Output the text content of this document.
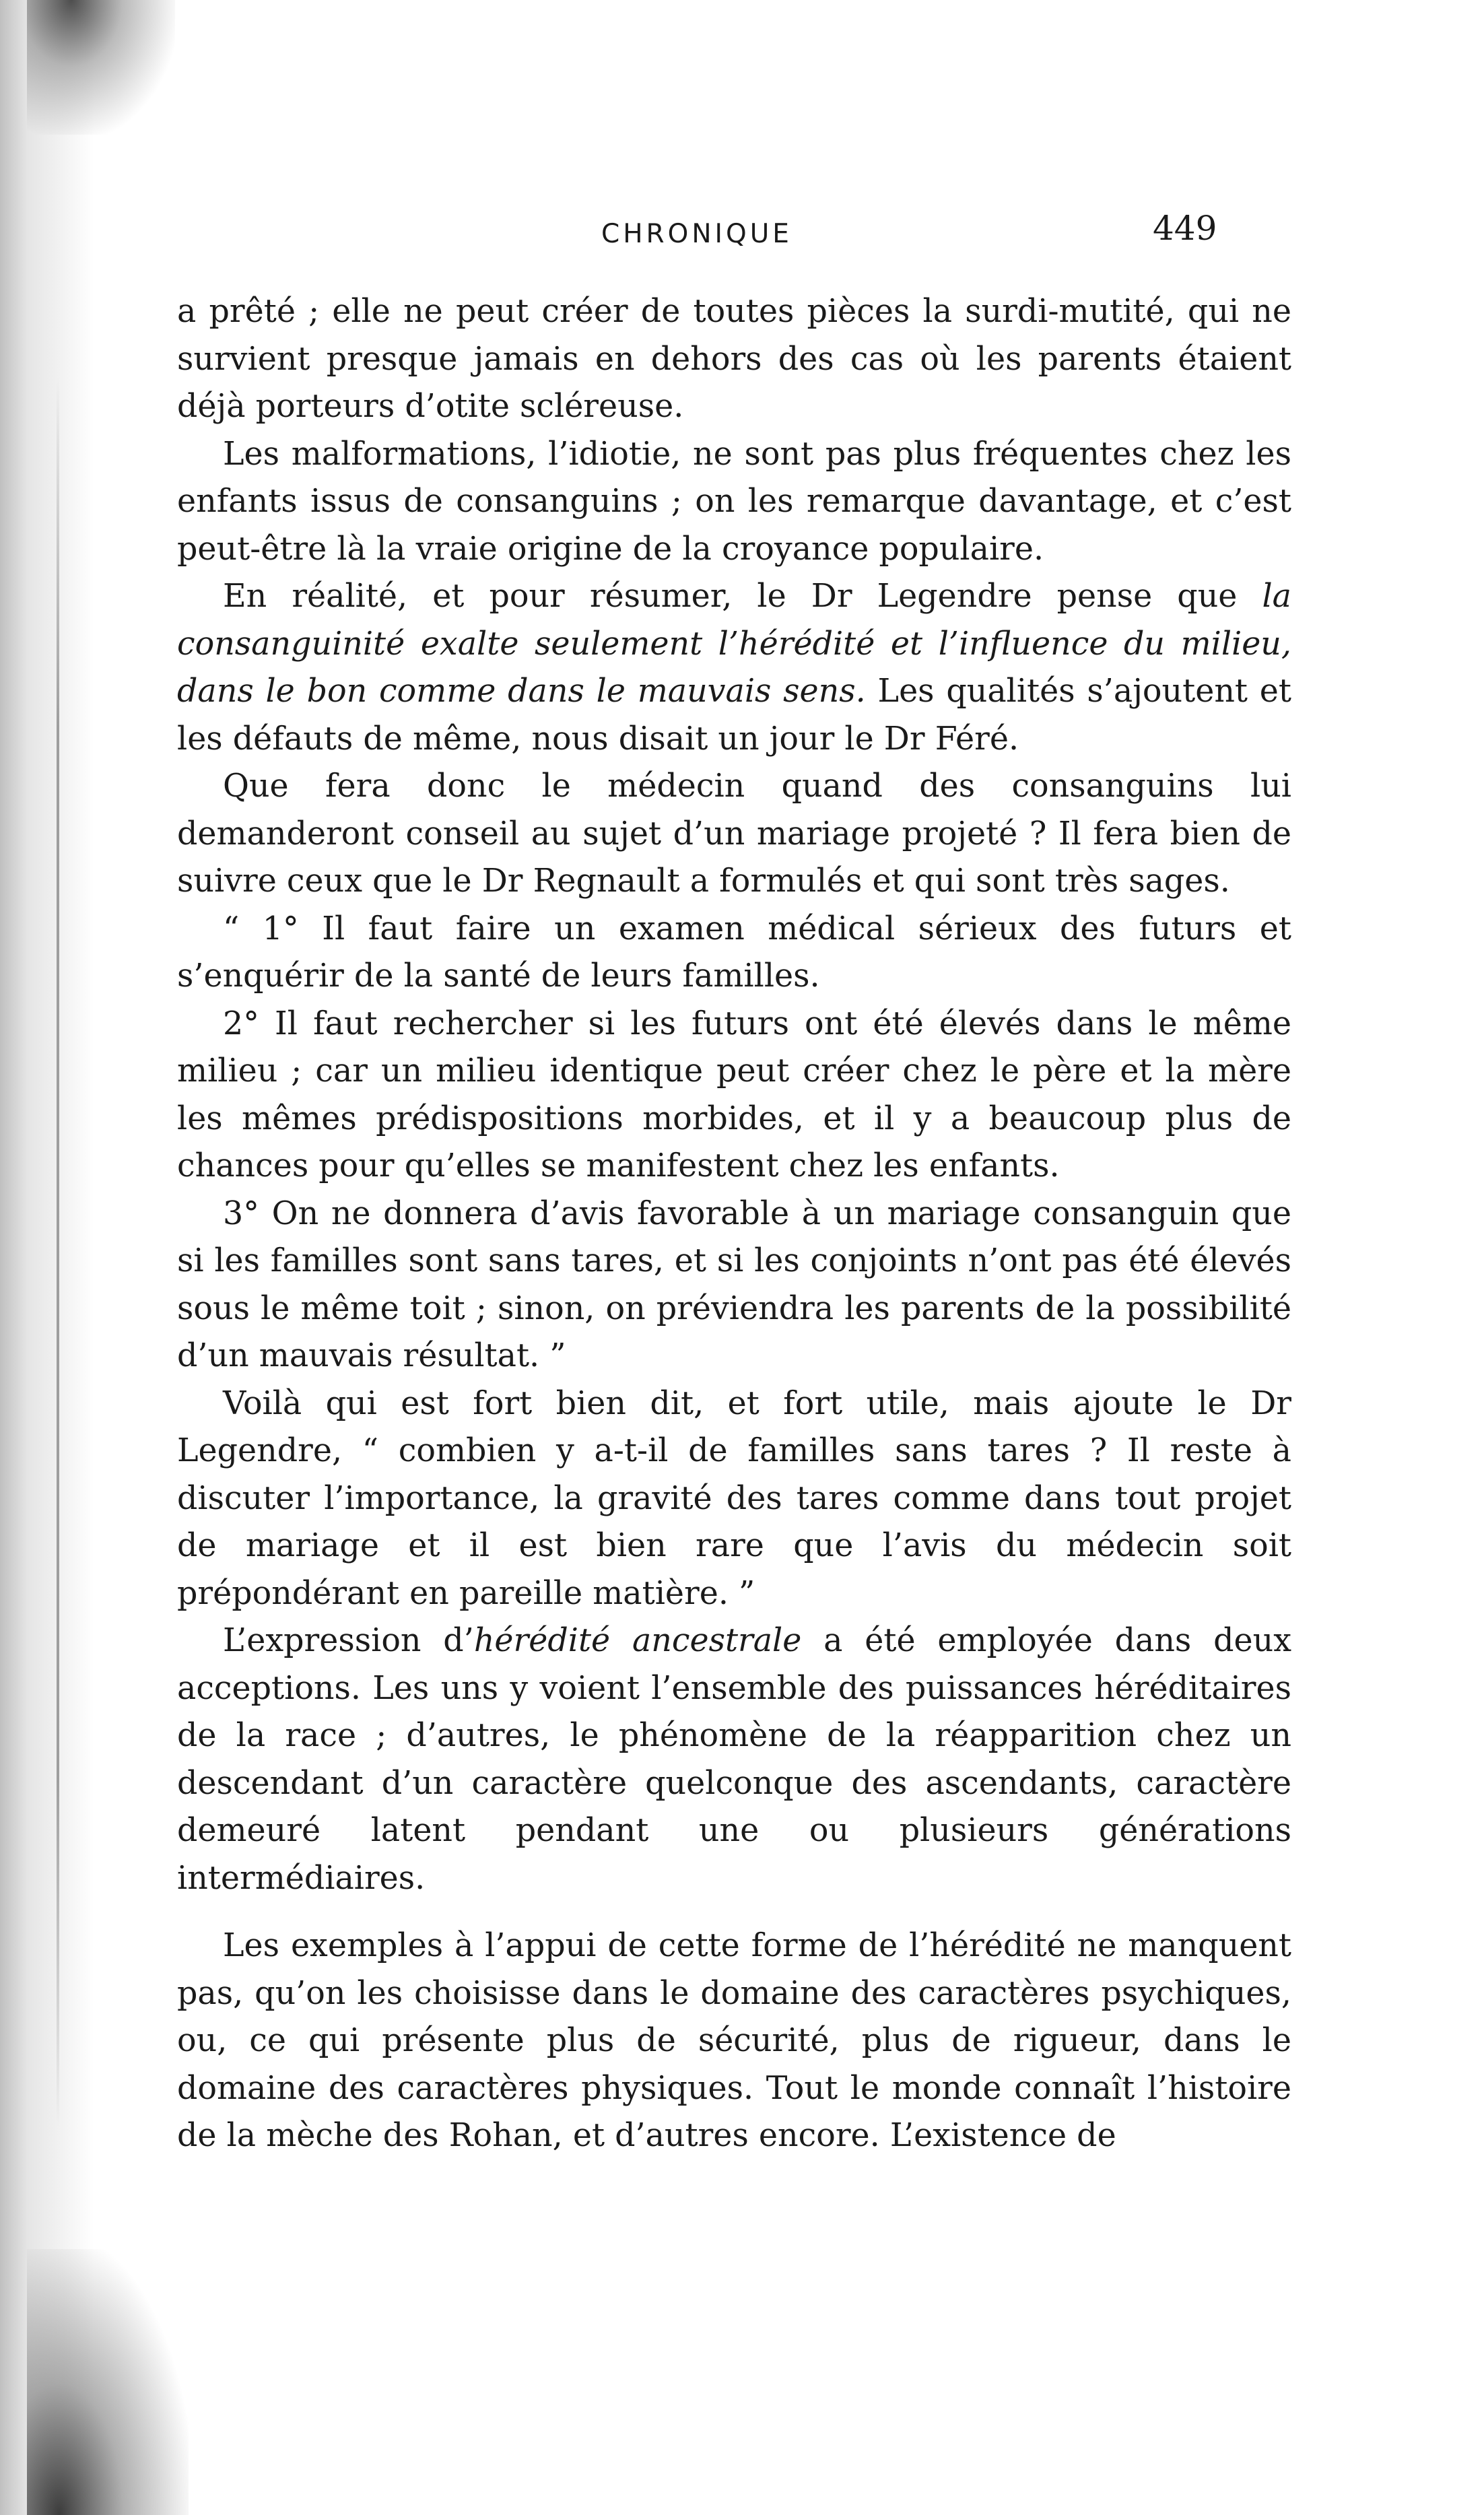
CHRONIQUE	449

a prêté ; elle ne peut créer de toutes pièces la surdi-mutité, qui ne survient presque jamais en dehors des cas où les parents étaient déjà porteurs d’otite scléreuse.

Les malformations, l’idiotie, ne sont pas plus fréquentes chez les enfants issus de consanguins ; on les remarque davantage, et c’est peut-être là la vraie origine de la croyance populaire.

En réalité, et pour résumer, le Dr Legendre pense que la consanguinité exalte seulement l’hérédité et l’influence du milieu, dans le bon comme dans le mauvais sens. Les qualités s’ajoutent et les défauts de même, nous disait un jour le Dr Féré.

Que fera donc le médecin quand des consanguins lui demanderont conseil au sujet d’un mariage projeté ? Il fera bien de suivre ceux que le Dr Regnault a formulés et qui sont très sages.

“ 1° Il faut faire un examen médical sérieux des futurs et s’enquérir de la santé de leurs familles.

2° Il faut rechercher si les futurs ont été élevés dans le même milieu ; car un milieu identique peut créer chez le père et la mère les mêmes prédispositions morbides, et il y a beaucoup plus de chances pour qu’elles se manifestent chez les enfants.

3° On ne donnera d’avis favorable à un mariage consanguin que si les familles sont sans tares, et si les conjoints n’ont pas été élevés sous le même toit ; sinon, on préviendra les parents de la possibilité d’un mauvais résultat. ”

Voilà qui est fort bien dit, et fort utile, mais ajoute le Dr Legendre, “ combien y a-t-il de familles sans tares ? Il reste à discuter l’importance, la gravité des tares comme dans tout projet de mariage et il est bien rare que l’avis du médecin soit prépondérant en pareille matière. ”

L’expression d’hérédité ancestrale a été employée dans deux acceptions. Les uns y voient l’ensemble des puissances héréditaires de la race ; d’autres, le phénomène de la réapparition chez un descendant d’un caractère quelconque des ascendants, caractère demeuré latent pendant une ou plusieurs générations intermédiaires.

Les exemples à l’appui de cette forme de l’hérédité ne manquent pas, qu’on les choisisse dans le domaine des caractères psychiques, ou, ce qui présente plus de sécurité, plus de rigueur, dans le domaine des caractères physiques. Tout le monde connaît l’histoire de la mèche des Rohan, et d’autres encore. L’existence de
